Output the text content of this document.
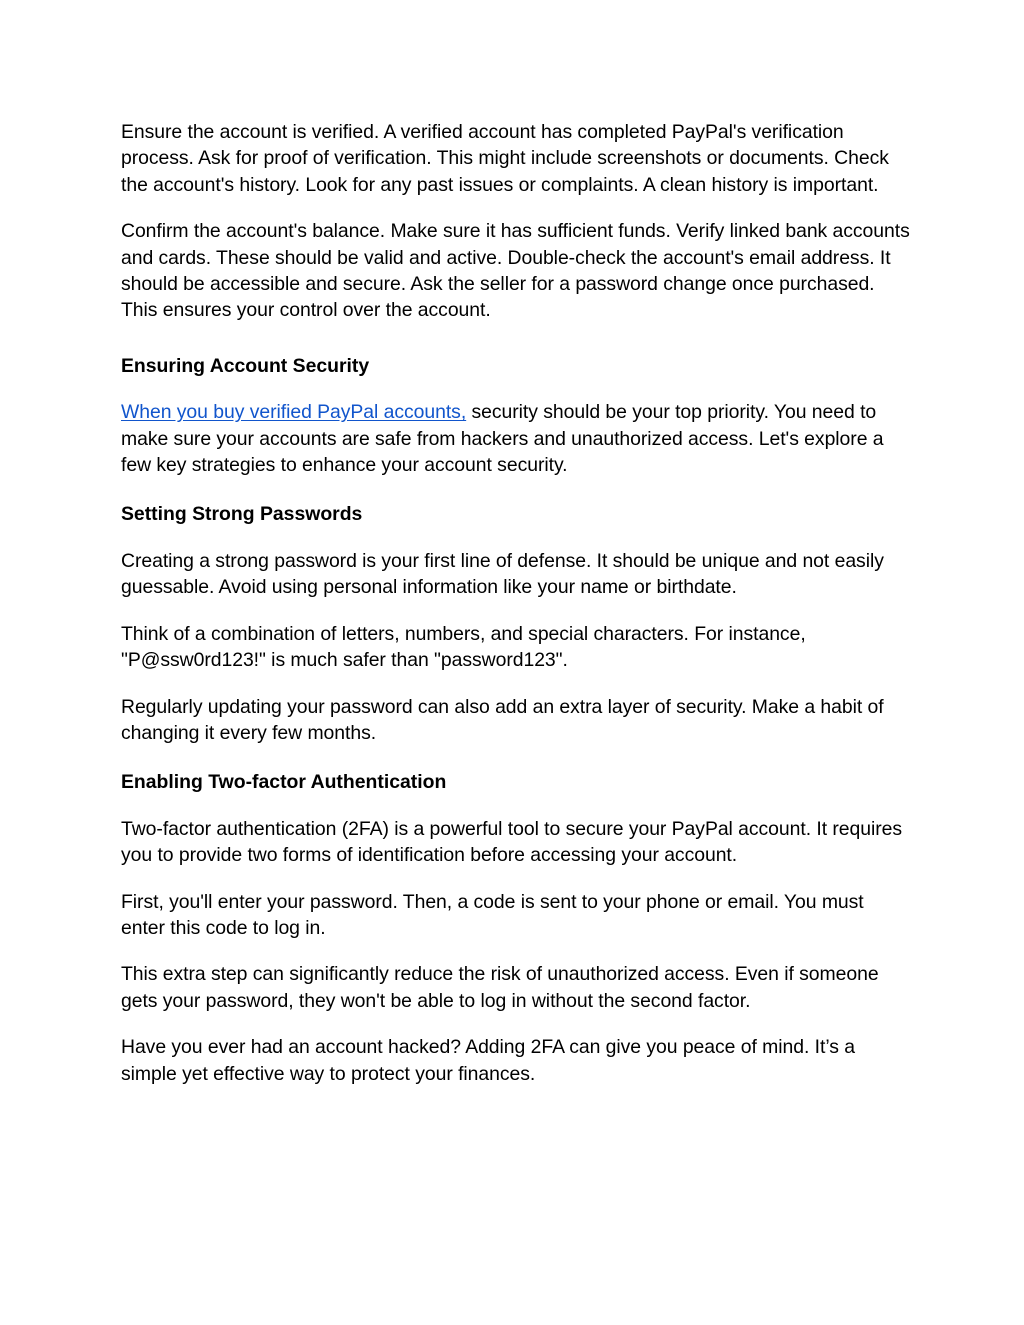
Ensure the account is verified. A verified account has completed PayPal's verification process. Ask for proof of verification. This might include screenshots or documents. Check the account's history. Look for any past issues or complaints. A clean history is important.

Confirm the account's balance. Make sure it has sufficient funds. Verify linked bank accounts and cards. These should be valid and active. Double-check the account's email address. It should be accessible and secure. Ask the seller for a password change once purchased. This ensures your control over the account.

Ensuring Account Security

When you buy verified PayPal accounts, security should be your top priority. You need to make sure your accounts are safe from hackers and unauthorized access. Let's explore a few key strategies to enhance your account security.

Setting Strong Passwords

Creating a strong password is your first line of defense. It should be unique and not easily guessable. Avoid using personal information like your name or birthdate.

Think of a combination of letters, numbers, and special characters. For instance, "P@ssw0rd123!" is much safer than "password123".

Regularly updating your password can also add an extra layer of security. Make a habit of changing it every few months.

Enabling Two-factor Authentication

Two-factor authentication (2FA) is a powerful tool to secure your PayPal account. It requires you to provide two forms of identification before accessing your account.

First, you'll enter your password. Then, a code is sent to your phone or email. You must enter this code to log in.

This extra step can significantly reduce the risk of unauthorized access. Even if someone gets your password, they won't be able to log in without the second factor.

Have you ever had an account hacked? Adding 2FA can give you peace of mind. It’s a simple yet effective way to protect your finances.
